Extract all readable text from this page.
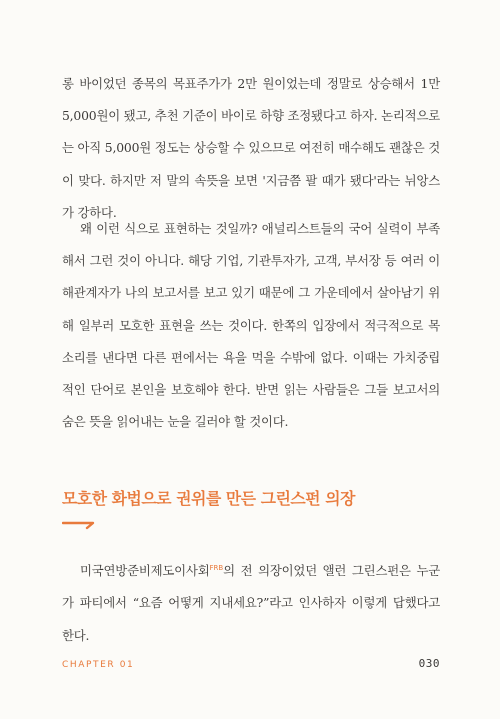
롱 바이었던 종목의 목표주가가 2만 원이었는데 정말로 상승해서 1만 5,000원이 됐고, 추천 기준이 바이로 하향 조정됐다고 하자. 논리적으로는 아직 5,000원 정도는 상승할 수 있으므로 여전히 매수해도 괜찮은 것이 맞다. 하지만 저 말의 속뜻을 보면 '지금쯤 팔 때가 됐다'라는 뉘앙스가 강하다.

왜 이런 식으로 표현하는 것일까? 애널리스트들의 국어 실력이 부족해서 그런 것이 아니다. 해당 기업, 기관투자가, 고객, 부서장 등 여러 이해관계자가 나의 보고서를 보고 있기 때문에 그 가운데에서 살아남기 위해 일부러 모호한 표현을 쓰는 것이다. 한쪽의 입장에서 적극적으로 목소리를 낸다면 다른 편에서는 욕을 먹을 수밖에 없다. 이때는 가치중립적인 단어로 본인을 보호해야 한다. 반면 읽는 사람들은 그들 보고서의 숨은 뜻을 읽어내는 눈을 길러야 할 것이다.

모호한 화법으로 권위를 만든 그린스펀 의장

미국연방준비제도이사회$^{FRB}$의 전 의장이었던 앨런 그린스펀은 누군가 파티에서 “요즘 어떻게 지내세요?”라고 인사하자 이렇게 답했다고 한다.

CHAPTER 01	030
